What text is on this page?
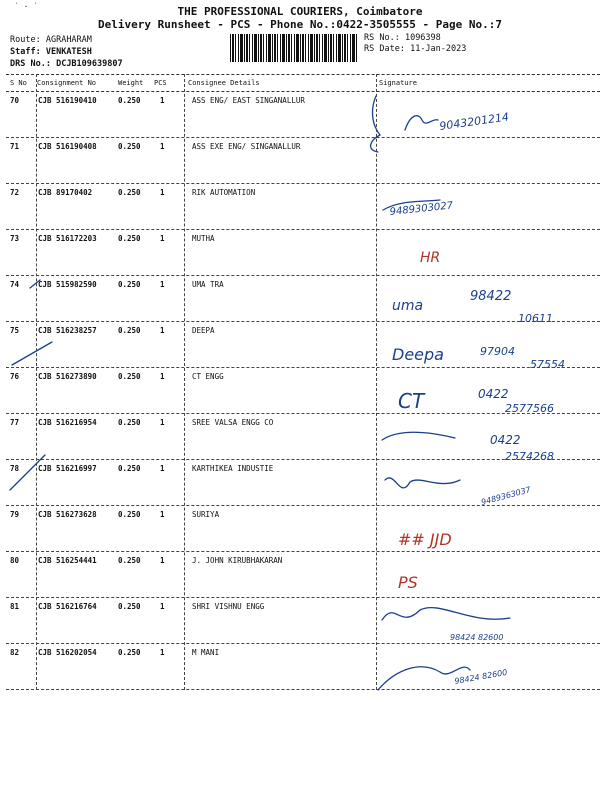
˙ · ˙	THE PROFESSIONAL COURIERS, Coimbatore
Delivery Runsheet - PCS - Phone No.:0422-3505555 - Page No.:7
Route: AGRAHARAM
Staff: VENKATESH
DRS No.: DCJB109639807
RS No.: 1096398
RS Date: 11-Jan-2023
S No Consignment No	Weight PCS	Consignee Details	Signature
70	CJB 516190410	0.250	1	ASS ENG/ EAST SINGANALLUR
71	CJB 516190408	0.250	1	ASS EXE ENG/ SINGANALLUR
72	CJB 89170402	0.250	1	RIK AUTOMATION
73	CJB 516172203	0.250	1	MUTHA
74	CJB 515982590	0.250	1	UMA TRA
75	CJB 516238257	0.250	1	DEEPA
76	CJB 516273890	0.250	1	CT ENGG
77	CJB 516216954	0.250	1	SREE VALSA ENGG CO
78	CJB 516216997	0.250	1	KARTHIKEA INDUSTIE
79	CJB 516273628	0.250	1	SURIYA
80	CJB 516254441	0.250	1	J. JOHN KIRUBHAKARAN
81	CJB 516216764	0.250	1	SHRI VISHNU ENGG
82	CJB 516202054	0.250	1	M MANI
9043201214
9489303027
HR
uma
98422
10611
Deepa	97904
57554
CT	0422
2577566
0422
2574268
9489363037
## JJD
PS
98424 82600
98424 82600
